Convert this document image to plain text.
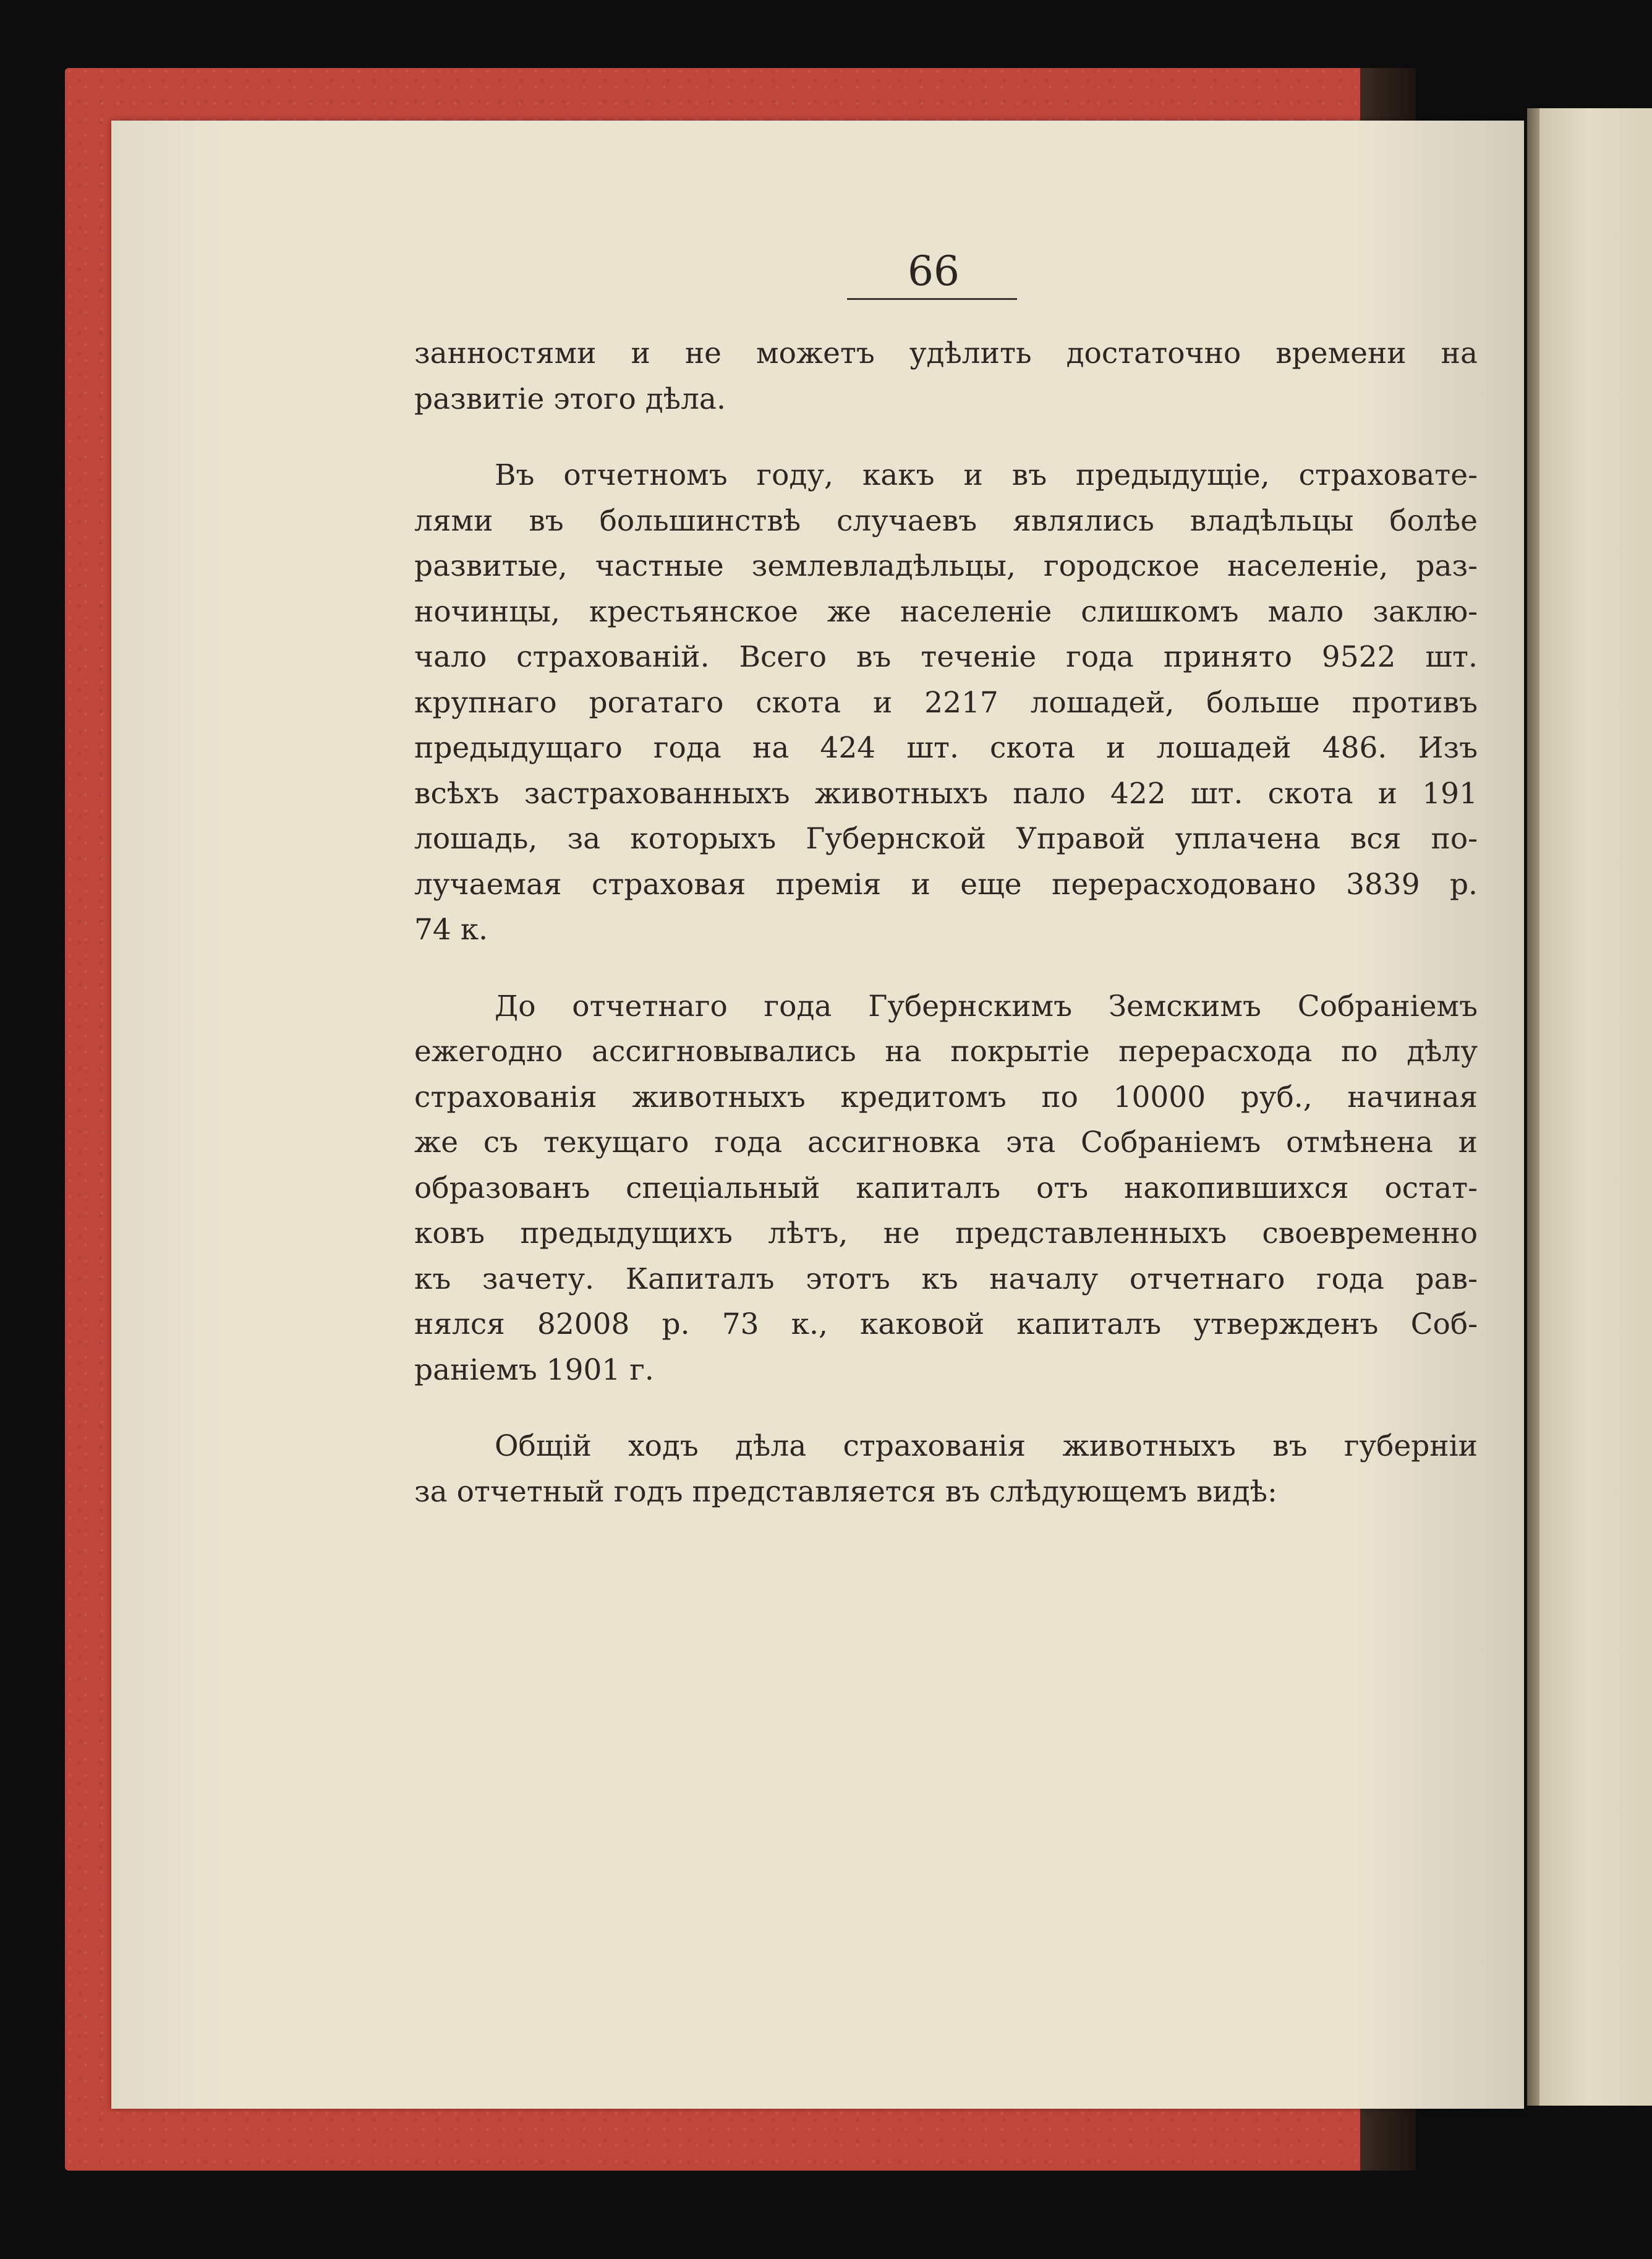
66
занностями и не можетъ удѣлить достаточно времени на
развитіе этого дѣла.
Въ отчетномъ году, какъ и въ предыдущіе, страховате-
лями въ большинствѣ случаевъ являлись владѣльцы болѣе
развитые, частные землевладѣльцы, городское населеніе, раз-
ночинцы, крестьянское же населеніе слишкомъ мало заклю-
чало страхованій. Всего въ теченіе года принято 9522 шт.
крупнаго рогатаго скота и 2217 лошадей, больше противъ
предыдущаго года на 424 шт. скота и лошадей 486. Изъ
всѣхъ застрахованныхъ животныхъ пало 422 шт. скота и 191
лошадь, за которыхъ Губернской Управой уплачена вся по-
лучаемая страховая премія и еще перерасходовано 3839 р.
74 к.
До отчетнаго года Губернскимъ Земскимъ Собраніемъ
ежегодно ассигновывались на покрытіе перерасхода по дѣлу
страхованія животныхъ кредитомъ по 10000 руб., начиная
же съ текущаго года ассигновка эта Собраніемъ отмѣнена и
образованъ спеціальный капиталъ отъ накопившихся остат-
ковъ предыдущихъ лѣтъ, не представленныхъ своевременно
къ зачету. Капиталъ этотъ къ началу отчетнаго года рав-
нялся 82008 р. 73 к., каковой капиталъ утвержденъ Соб-
раніемъ 1901 г.
Общій ходъ дѣла страхованія животныхъ въ губерніи
за отчетный годъ представляется въ слѣдующемъ видѣ:
